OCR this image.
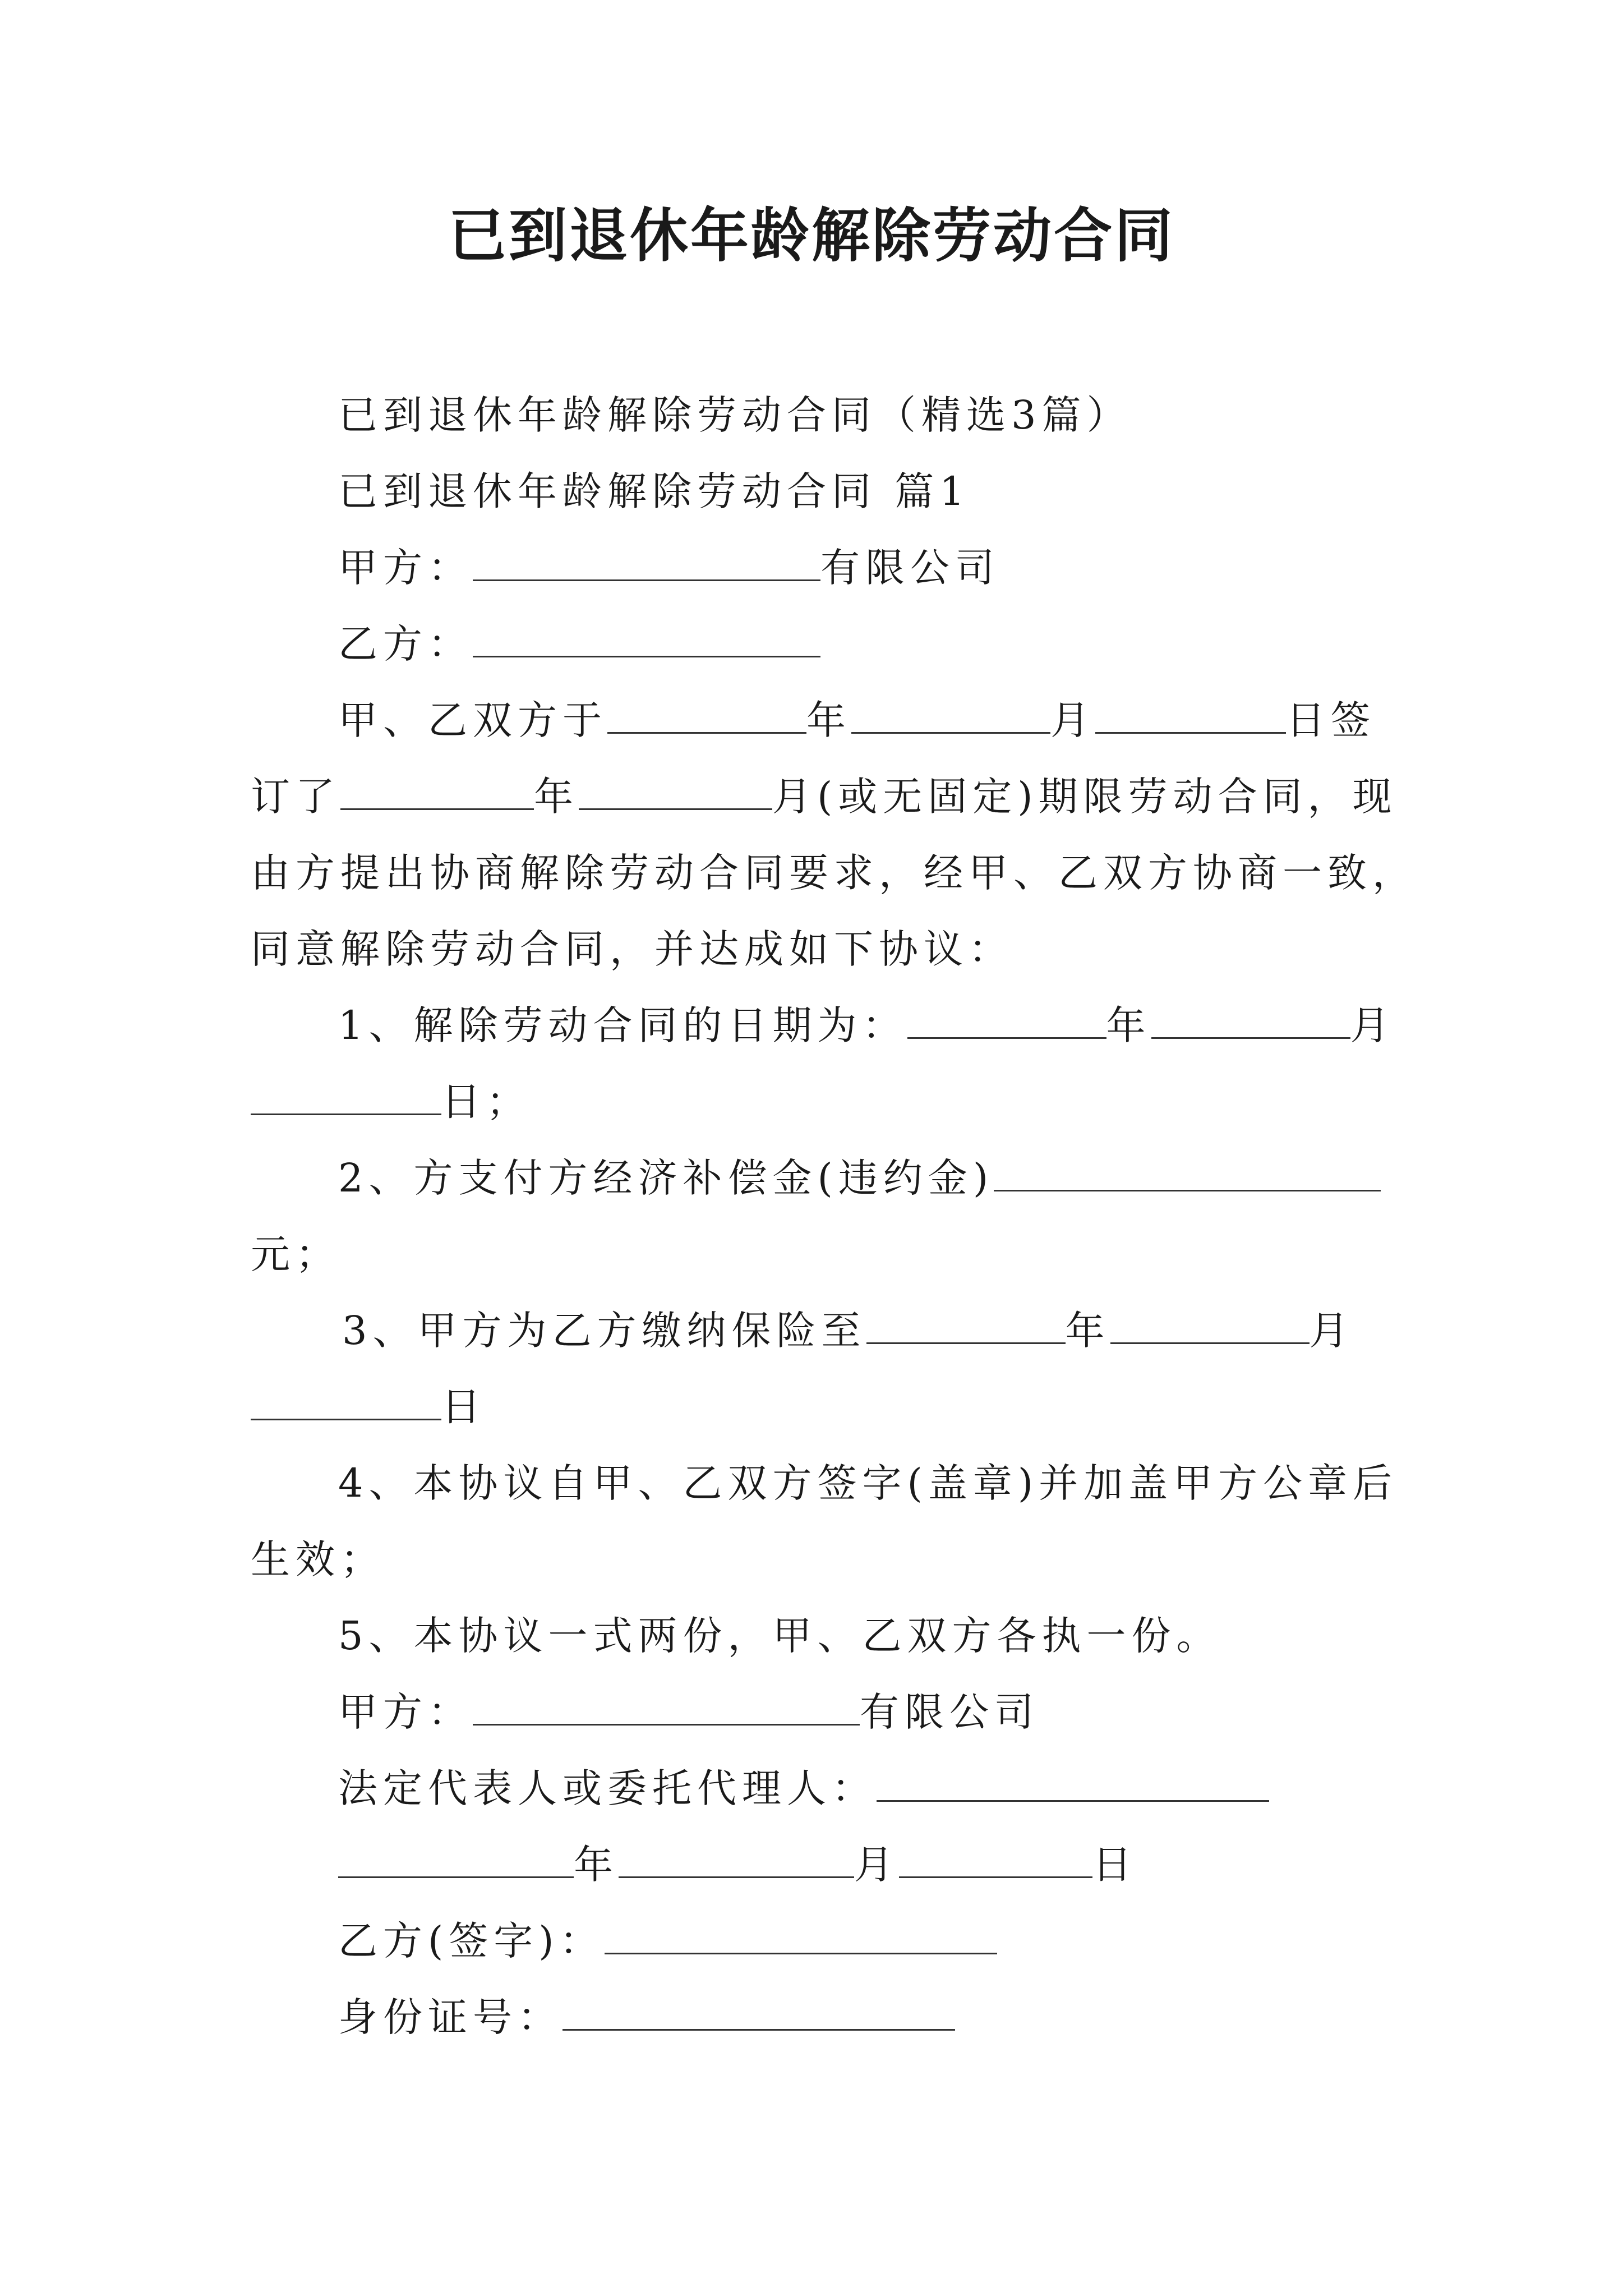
已到退休年龄解除劳动合同
已到退休年龄解除劳动合同（精选3篇）
已到退休年龄解除劳动合同 篇1
甲方：	有限公司
乙方：
甲、乙双方于	年	月	日签
订了	年	月(或无固定)期限劳动合同，现
由方提出协商解除劳动合同要求，经甲、乙双方协商一致，
同意解除劳动合同，并达成如下协议：
1、解除劳动合同的日期为：	年	月
日；
2、方支付方经济补偿金(违约金)
元；
3、甲方为乙方缴纳保险至	年	月
日
4、本协议自甲、乙双方签字(盖章)并加盖甲方公章后
生效；
5、本协议一式两份，甲、乙双方各执一份。
甲方：	有限公司
法定代表人或委托代理人：
年	月	日
乙方(签字)：
身份证号：
